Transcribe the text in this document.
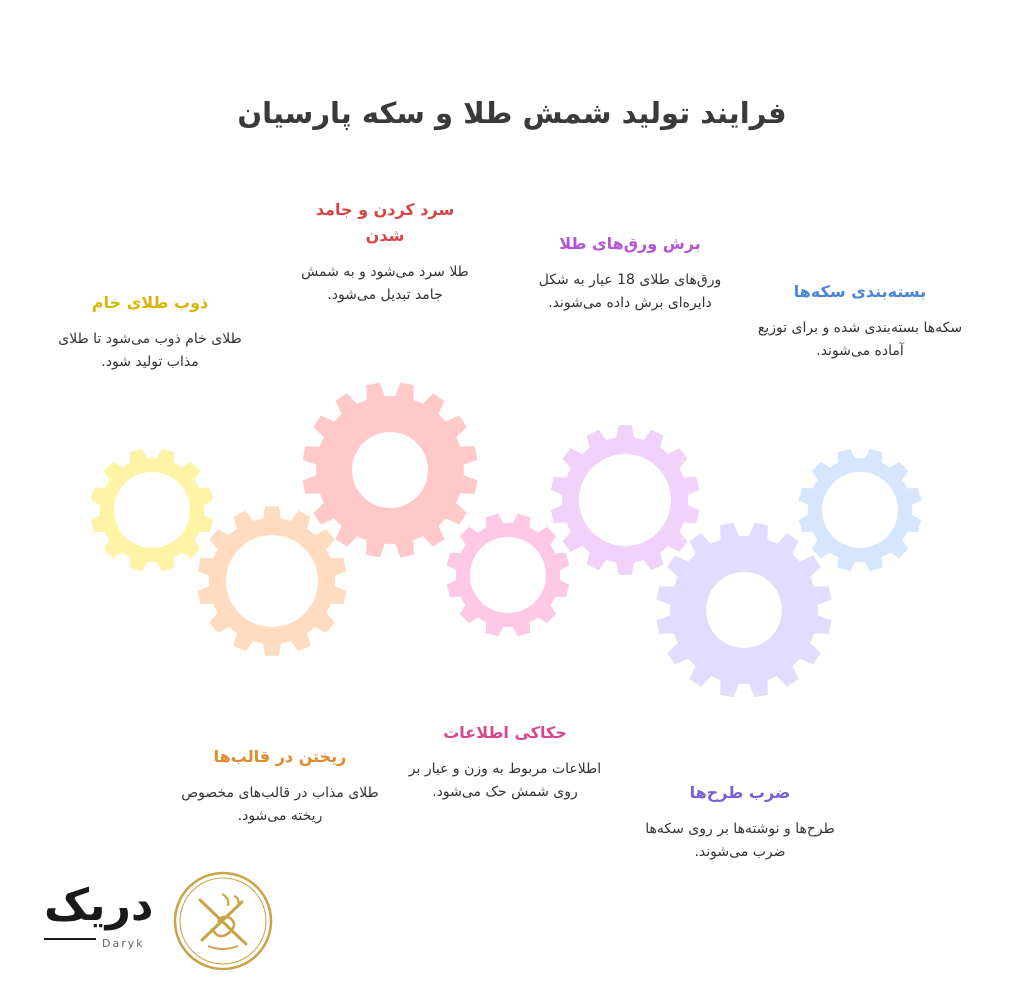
فرایند تولید شمش طلا و سکه پارسیان
ذوب طلای خام
طلای خام ذوب می‌شود تا طلای مذاب تولید شود.
ریختن در قالب‌ها
طلای مذاب در قالب‌های مخصوص ریخته می‌شود.
سرد کردن و جامد شدن
طلا سرد می‌شود و به شمش جامد تبدیل می‌شود.
حکاکی اطلاعات
اطلاعات مربوط به وزن و عیار بر روی شمش حک می‌شود.
برش ورق‌های طلا
ورق‌های طلای 18 عیار به شکل دایره‌ای برش داده می‌شوند.
ضرب طرح‌ها
طرح‌ها و نوشته‌ها بر روی سکه‌ها ضرب می‌شوند.
بسته‌بندی سکه‌ها
سکه‌ها بسته‌بندی شده و برای توزیع آماده می‌شوند.
دریک
Daryk
